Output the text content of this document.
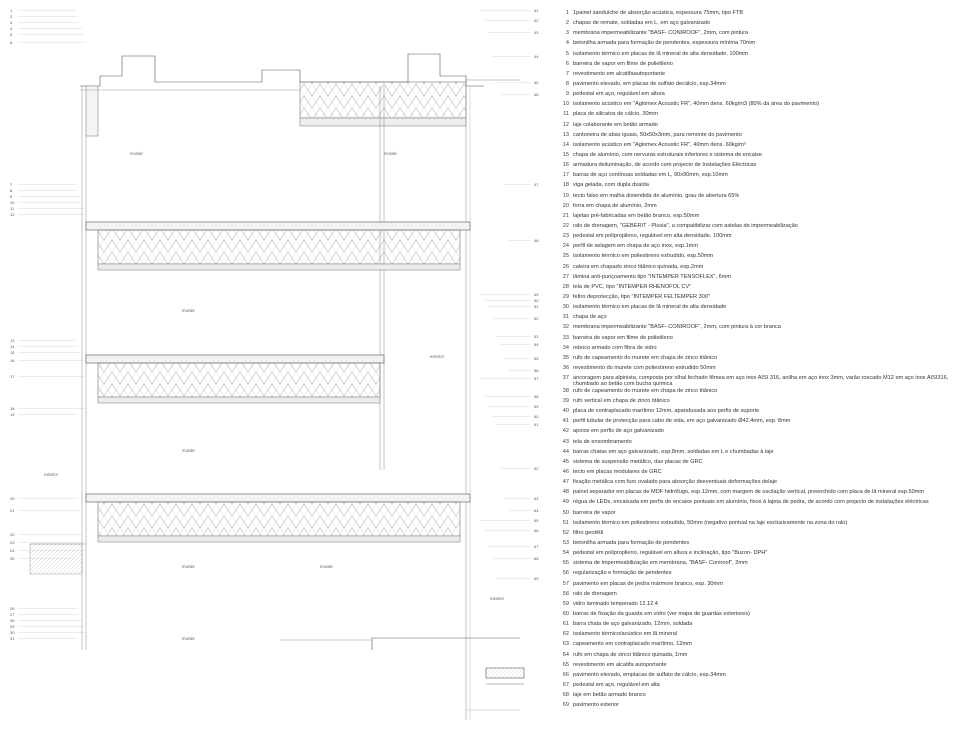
murale	murale
murale
murale
murale
exterior
exterior
murale
murale
exterior
1
2
3
4
5
6
7
8
9
10
11
12
13
14
15
16
17
18
19
20
21
22
23
24
25
26
27
28
29
30
31
41
42
43
44
45
46
47
48
49
50
51
52
53
54
55
56
57
58
59
60
61
62
63
64
65
66
67
68
69
1 1painel sanduíche de absorção acústica, espessura 75mm, tipo FTB
2 chapas de remate, soldadas em L, em aço galvanizado
3 membrana impermeabilizante "BASF- CONIROOF", 2mm, com pintura
4 betonilha armada para formação de pendentes, espessura mínima 70mm
5 isolamento térmico em placas de lã mineral de alta densidade, 100mm
6 barreira de vapor em filme de polietileno
7 revestimento em alcatifaautoportante
8 pavimento elevado, em placas de sulfato decálcio, esp.34mm
9 pedestal em aço, regulável em altura
10 isolamento acústico em "Aglomex Acoustic FR", 40mm dens. 60kg/m3 (80% da área do pavimento)
11 placa de silicatos de cálcio, 30mm
12 laje colaborante em betão armado
13 cantoneira de abas iguais, 50x50x3mm, para remonte do pavimento
14 isolamento acústico em "Aglomex Acoustic FR", 40mm dens. 60kg/m³
15 chapa de alumínio, com nervuras estruturais inferiores e sistema de encaixe
16 armadura deiluminação, de acordo com projecto de Instalações Eléctricas
17 barras de aço contínuas soldadas em L, 90x90mm, esp.10mm
18 viga gelada, com dupla dsaída
19 tecto falso em malha distendida de alumínio, grau de abertura 65%
20 forra em chapa de alumínio, 2mm
21 lajetas pré-fabricadas em betão branco, esp.50mm
22 ralo de drenagem, "GEBERIT - Pluvia", a compatibilizar com astelas de impermeabilização
23 pedestal em polipropileno, regulável em alta densidade, 100mm
24 perfil de selagem em chapa de aço inox, esp.1mm
25 isolamento térmico em poliestireno extrudido, esp.50mm
26 caleira em chapado zinco titânico quinada, esp.2mm
27 lâmina anti-punçoamento tipo "INTEMPER TENSOFLEX", 6mm
28 tela de PVC, tipo "INTEMPER RHENOFOL CV"
29 feltro deprotecção, tipo "INTEMPER FELTEMPER 300"
30 isolamento térmico em placas de lã mineral de alta densidade
31 chapa de aço
32 membrana impermeabilizante "BASF- CONIROOF", 2mm, com pintura à cor branca
33 barreira de vapor em filme de polietileno
34 reboco armado com fibra de vidro
35 rufo de capeamento do murete em chapa de zinco titânico
36 revestimento do murete com poliestireno extrudido 50mm
37 ancoragem para alpinista, composta por olhal fechado fêmea em aço inox AISI 316, anilha em aço inox 3mm, varão roscado M12 em aço inox AISI316, chumbado ao betão com bucha química
38 rufo de capeamento do murete em chapa de zinco titânico
39 rufo vertical em chapa de zinco titânico
40 placa de contraplacado marítimo 12mm, aparafusada aos perfis de suporte
41 perfil tubular de protecção para cabo de vida, em aço galvanizado Ø42.4mm, esp. 8mm
42 apoios em perfis de aço galvanizado
43 tela de ensombramento
44 barras chatas em aço galvanizado, esp.8mm, soldadas em L e chumbadas à laje
45 sistema de suspensão metálico, das placas de GRC
46 tecto em placas modulares de GRC
47 fixação metálica com furo ovalado para absorção deeventuais deformações delaje
48 painel separador em placas de MDF hidrófugo, esp.12mm, com margem de oscilação vertical, preenchido com placa de lã mineral esp.50mm
49 régua de LEDs, encaixada em perfis de encaixe pontuais em alumínio, fixos à lajeta de pedra, de acordo com projecto de instalações eléctricas
50 barreira de vapor
51 isolamento térmico em poliestireno extrudido, 50mm (negativo pontual na laje exclusivamente na zona do ralo)
52 filtro geotêtil
53 betonilha armada para formação de pendentes
54 pedestal em polipropileno, regulável em altura e inclinação, tipo "Buzon- DPH"
55 sistema de impermeabilização em membrana, "BASF- Coniroof", 2mm
56 regularização e formação de pendentes
57 pavimento em placas de pedra mármore branco, esp. 30mm
58 ralo de drenagem
59 vidro laminado temperado 12.12.4
60 barras de fixação da guarda em vidro (ver mapa de guardas exteriores)
61 barra chata de aço galvanizado, 12mm, soldada
62 isolamento térmico/acústico em lã mineral
63 capeamento em contraplacado marítimo, 12mm
64 rufo em chapa de zinco titânico quinada, 1mm
65 revestimento em alcatifa autoportante
66 pavimento elevado, emplacas de sulfato de cálcio, esp.34mm
67 pedestal em aço, regulável em alta
68 laje em betão armado branco
69 pavimento exterior
